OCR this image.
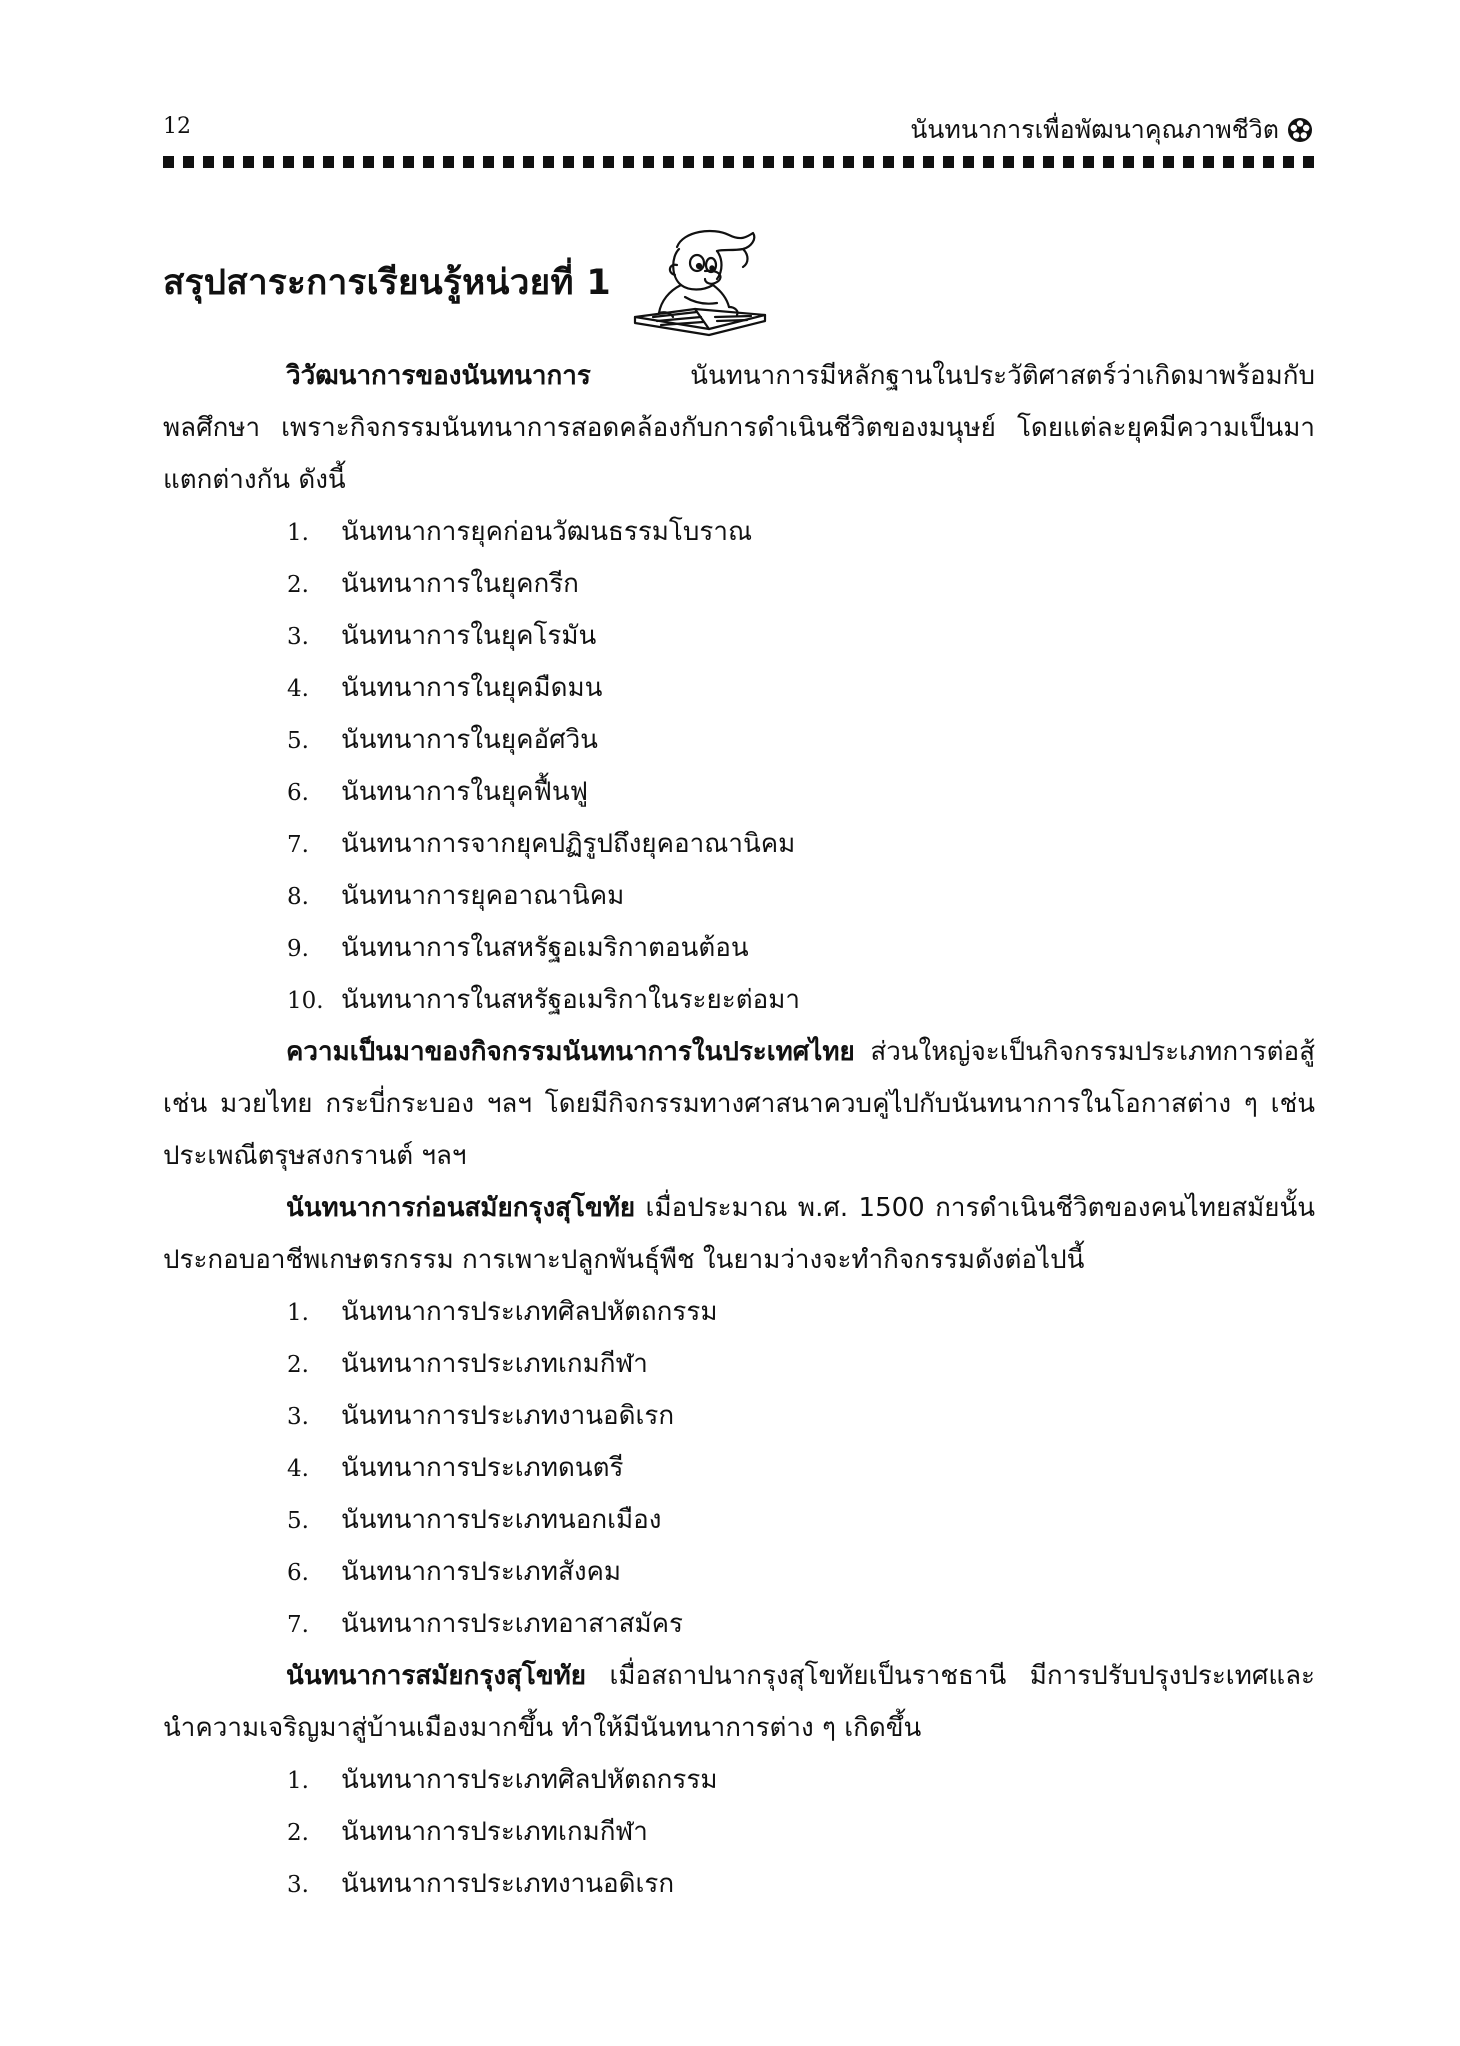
12	นันทนาการเพื่อพัฒนาคุณภาพชีวิต
สรุปสาระการเรียนรู้หน่วยที่ 1

วิวัฒนาการของนันทนาการ นันทนาการมีหลักฐานในประวัติศาสตร์ว่าเกิดมาพร้อมกับพลศึกษา เพราะกิจกรรมนันทนาการสอดคล้องกับการดำเนินชีวิตของมนุษย์ โดยแต่ละยุคมีความเป็นมาแตกต่างกัน ดังนี้

1. นันทนาการยุคก่อนวัฒนธรรมโบราณ
2. นันทนาการในยุคกรีก
3. นันทนาการในยุคโรมัน
4. นันทนาการในยุคมืดมน
5. นันทนาการในยุคอัศวิน
6. นันทนาการในยุคฟื้นฟู
7. นันทนาการจากยุคปฏิรูปถึงยุคอาณานิคม
8. นันทนาการยุคอาณานิคม
9. นันทนาการในสหรัฐอเมริกาตอนต้อน
10. นันทนาการในสหรัฐอเมริกาในระยะต่อมา

ความเป็นมาของกิจกรรมนันทนาการในประเทศไทย ส่วนใหญ่จะเป็นกิจกรรมประเภทการต่อสู้ เช่น มวยไทย กระบี่กระบอง ฯลฯ โดยมีกิจกรรมทางศาสนาควบคู่ไปกับนันทนาการในโอกาสต่าง ๆ เช่น ประเพณีตรุษสงกรานต์ ฯลฯ

นันทนาการก่อนสมัยกรุงสุโขทัย เมื่อประมาณ พ.ศ. 1500 การดำเนินชีวิตของคนไทยสมัยนั้นประกอบอาชีพเกษตรกรรม การเพาะปลูกพันธุ์พืช ในยามว่างจะทำกิจกรรมดังต่อไปนี้

1. นันทนาการประเภทศิลปหัตถกรรม
2. นันทนาการประเภทเกมกีฬา
3. นันทนาการประเภทงานอดิเรก
4. นันทนาการประเภทดนตรี
5. นันทนาการประเภทนอกเมือง
6. นันทนาการประเภทสังคม
7. นันทนาการประเภทอาสาสมัคร

นันทนาการสมัยกรุงสุโขทัย เมื่อสถาปนากรุงสุโขทัยเป็นราชธานี มีการปรับปรุงประเทศและนำความเจริญมาสู่บ้านเมืองมากขึ้น ทำให้มีนันทนาการต่าง ๆ เกิดขึ้น

1. นันทนาการประเภทศิลปหัตถกรรม
2. นันทนาการประเภทเกมกีฬา
3. นันทนาการประเภทงานอดิเรก
